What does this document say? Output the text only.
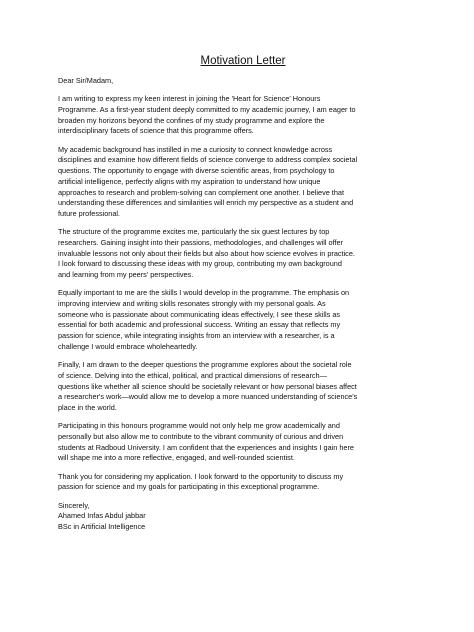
Motivation Letter
Dear Sir/Madam,
I am writing to express my keen interest in joining the 'Heart for Science' Honours
Programme. As a first-year student deeply committed to my academic journey, I am eager to
broaden my horizons beyond the confines of my study programme and explore the
interdisciplinary facets of science that this programme offers.
My academic background has instilled in me a curiosity to connect knowledge across
disciplines and examine how different fields of science converge to address complex societal
questions. The opportunity to engage with diverse scientific areas, from psychology to
artificial intelligence, perfectly aligns with my aspiration to understand how unique
approaches to research and problem-solving can complement one another. I believe that
understanding these differences and similarities will enrich my perspective as a student and
future professional.
The structure of the programme excites me, particularly the six guest lectures by top
researchers. Gaining insight into their passions, methodologies, and challenges will offer
invaluable lessons not only about their fields but also about how science evolves in practice.
I look forward to discussing these ideas with my group, contributing my own background
and learning from my peers' perspectives.
Equally important to me are the skills I would develop in the programme. The emphasis on
improving interview and writing skills resonates strongly with my personal goals. As
someone who is passionate about communicating ideas effectively, I see these skills as
essential for both academic and professional success. Writing an essay that reflects my
passion for science, while integrating insights from an interview with a researcher, is a
challenge I would embrace wholeheartedly.
Finally, I am drawn to the deeper questions the programme explores about the societal role
of science. Delving into the ethical, political, and practical dimensions of research—
questions like whether all science should be societally relevant or how personal biases affect
a researcher's work—would allow me to develop a more nuanced understanding of science's
place in the world.
Participating in this honours programme would not only help me grow academically and
personally but also allow me to contribute to the vibrant community of curious and driven
students at Radboud University. I am confident that the experiences and insights I gain here
will shape me into a more reflective, engaged, and well-rounded scientist.
Thank you for considering my application. I look forward to the opportunity to discuss my
passion for science and my goals for participating in this exceptional programme.
Sincerely,
Ahamed Infas Abdul jabbar
BSc in Artificial Intelligence
